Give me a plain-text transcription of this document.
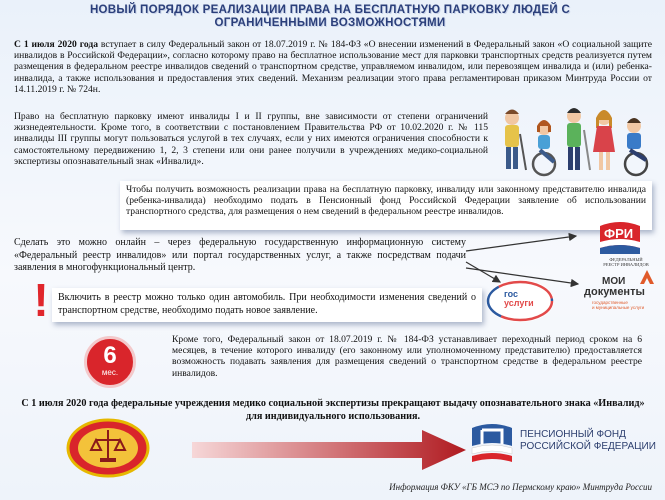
НОВЫЙ ПОРЯДОК РЕАЛИЗАЦИИ ПРАВА НА БЕСПЛАТНУЮ ПАРКОВКУ ЛЮДЕЙ С
ОГРАНИЧЕННЫМИ ВОЗМОЖНОСТЯМИ
С 1 июля 2020 года вступает в силу Федеральный закон от 18.07.2019 г. № 184-ФЗ «О внесении изменений в Федеральный закон «О социальной защите инвалидов в Российской Федерации», согласно которому право на бесплатное использование мест для парковки транспортных средств реализуется путем размещения в федеральном реестре инвалидов сведений о транспортном средстве, управляемом инвалидом, или перевозящем инвалида и (или) ребенка-инвалида, а также использования и предоставления этих сведений. Механизм реализации этого права регламентирован приказом Минтруда России от 14.11.2019 г. № 724н.
Право на бесплатную парковку имеют инвалиды I и II группы, вне зависимости от степени ограничений жизнедеятельности. Кроме того, в соответствии с постановлением Правительства РФ от 10.02.2020 г. № 115 инвалиды III группы могут пользоваться услугой в тех случаях, если у них имеются ограничения способности к самостоятельному передвижению 1, 2, 3 степени или они ранее получили в учреждениях медико-социальной экспертизы опознавательный знак «Инвалид».
Чтобы получить возможность реализации права на бесплатную парковку, инвалиду или законному представителю инвалида (ребенка-инвалида) необходимо подать в Пенсионный фонд Российской Федерации заявление об использовании транспортного средства, для размещения о нем сведений в федеральном реестре инвалидов.
Сделать это можно онлайн – через федеральную государственную информационную систему «Федеральный реестр инвалидов» или портал государственных услуг, а также посредствам подачи заявления в многофункциональный центр.
ФРИ
ФЕДЕРАЛЬНЫЙ
РЕЕСТР ИНВАЛИДОВ
МОИ
документы
государственные
и муниципальные услуги
гос
услуги
! Включить в реестр можно только один автомобиль. При необходимости изменения сведений о транспортном средстве, необходимо подать новое заявление.
6
мес.
Кроме того, Федеральный закон от 18.07.2019 г. № 184-ФЗ устанавливает переходный период сроком на 6 месяцев, в течение которого инвалиду (его законному или уполномоченному представителю) предоставляется возможность подавать заявления для размещения сведений о транспортном средстве в федеральном реестре инвалидов.
С 1 июля 2020 года федеральные учреждения медико социальной экспертизы прекращают выдачу опознавательного знака «Инвалид» для индивидуального использования.
ПЕНСИОННЫЙ ФОНД
РОССИЙСКОЙ ФЕДЕРАЦИИ
Информация ФКУ «ГБ МСЭ по Пермскому краю» Минтруда России
